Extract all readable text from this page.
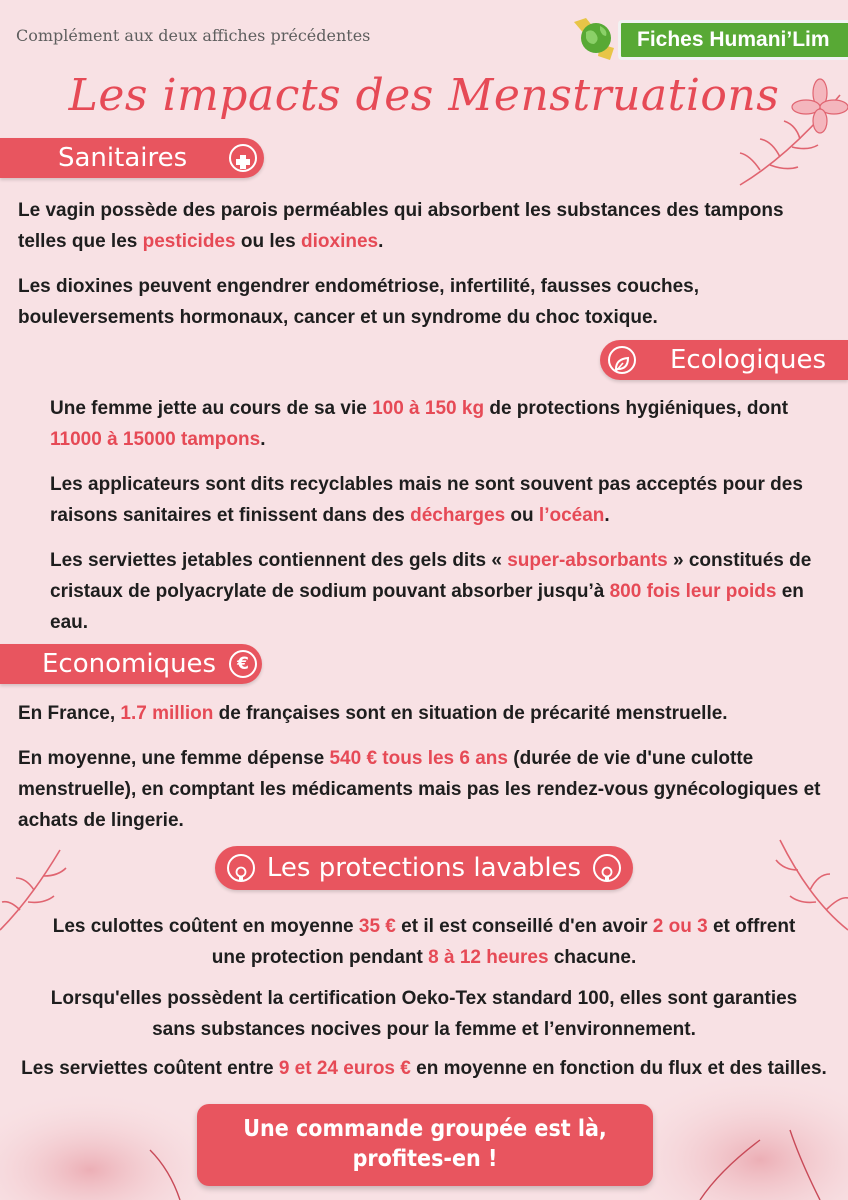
Complément aux deux affiches précédentes	Fiches Humani’Lim
Les impacts des Menstruations
Sanitaires

Le vagin possède des parois perméables qui absorbent les substances des tampons telles que les pesticides ou les dioxines.

Les dioxines peuvent engendrer endométriose, infertilité, fausses couches, bouleversements hormonaux, cancer et un syndrome du choc toxique.

Ecologiques

Une femme jette au cours de sa vie 100 à 150 kg de protections hygiéniques, dont 11000 à 15000 tampons.

Les applicateurs sont dits recyclables mais ne sont souvent pas acceptés pour des raisons sanitaires et finissent dans des décharges ou l’océan.

Les serviettes jetables contiennent des gels dits « super-absorbants » constitués de cristaux de polyacrylate de sodium pouvant absorber jusqu’à 800 fois leur poids en eau.

Economiques	€

En France, 1.7 million de françaises sont en situation de précarité menstruelle.

En moyenne, une femme dépense 540 € tous les 6 ans (durée de vie d'une culotte menstruelle), en comptant les médicaments mais pas les rendez-vous gynécologiques et achats de lingerie.

Les protections lavables

Les culottes coûtent en moyenne 35 € et il est conseillé d'en avoir 2 ou 3 et offrent une protection pendant 8 à 12 heures chacune.

Lorsqu'elles possèdent la certification Oeko-Tex standard 100, elles sont garanties sans substances nocives pour la femme et l’environnement.

Les serviettes coûtent entre 9 et 24 euros € en moyenne en fonction du flux et des tailles.

Une commande groupée est là,
profites-en !
